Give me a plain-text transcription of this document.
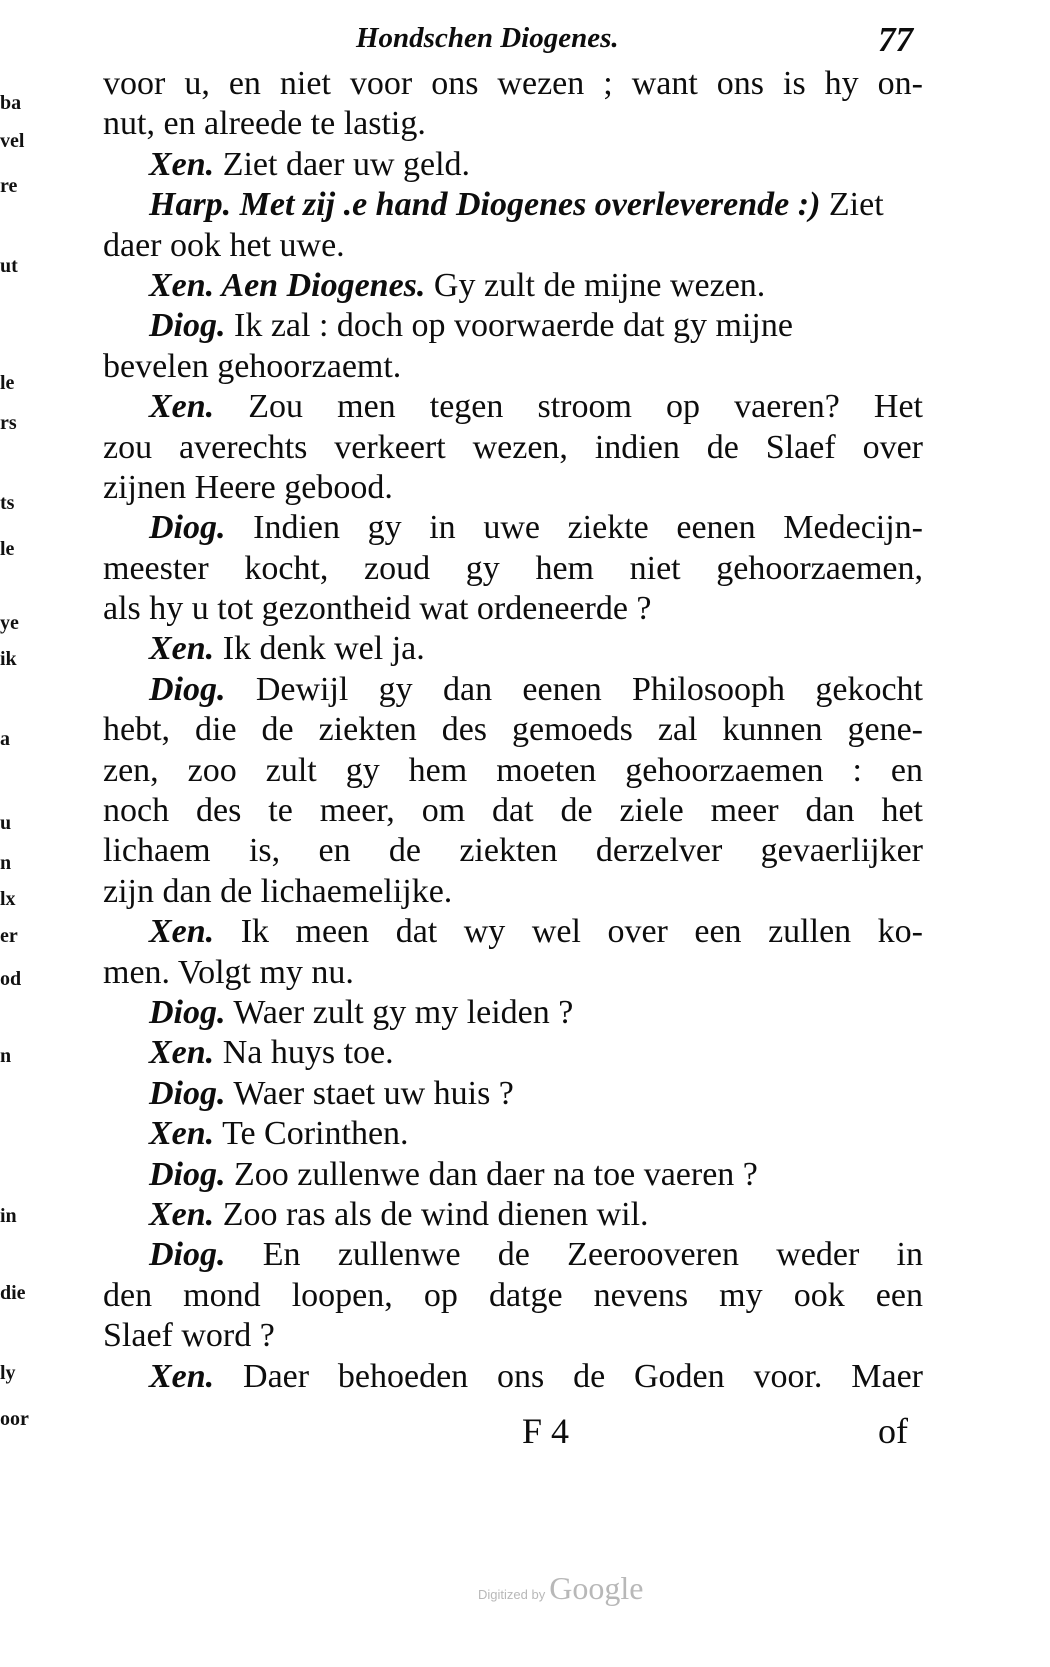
Hondschen Diogenes.	77
ba
vel
re
ut
le
rs
ts
le
ye
ik
a
u
n
lx
er
od
n
in
die
ly
oor
voor u, en niet voor ons wezen ; want ons is hy on-
nut, en alreede te lastig.
Xen. Ziet daer uw geld.
Harp. Met zij .e hand Diogenes overleverende :) Ziet
daer ook het uwe.
Xen. Aen Diogenes. Gy zult de mijne wezen.
Diog. Ik zal : doch op voorwaerde dat gy mijne
bevelen gehoorzaemt.
Xen. Zou men tegen stroom op vaeren? Het
zou averechts verkeert wezen, indien de Slaef over
zijnen Heere gebood.
Diog. Indien gy in uwe ziekte eenen Medecijn-
meester kocht, zoud gy hem niet gehoorzaemen,
als hy u tot gezontheid wat ordeneerde ?
Xen. Ik denk wel ja.
Diog. Dewijl gy dan eenen Philosooph gekocht
hebt, die de ziekten des gemoeds zal kunnen gene-
zen, zoo zult gy hem moeten gehoorzaemen : en
noch des te meer, om dat de ziele meer dan het
lichaem is, en de ziekten derzelver gevaerlijker
zijn dan de lichaemelijke.
Xen. Ik meen dat wy wel over een zullen ko-
men. Volgt my nu.
Diog. Waer zult gy my leiden ?
Xen. Na huys toe.
Diog. Waer staet uw huis ?
Xen. Te Corinthen.
Diog. Zoo zullenwe dan daer na toe vaeren ?
Xen. Zoo ras als de wind dienen wil.
Diog. En zullenwe de Zeerooveren weder in
den mond loopen, op datge nevens my ook een
Slaef word ?
Xen. Daer behoeden ons de Goden voor. Maer
F 4	of
Digitized by Google
